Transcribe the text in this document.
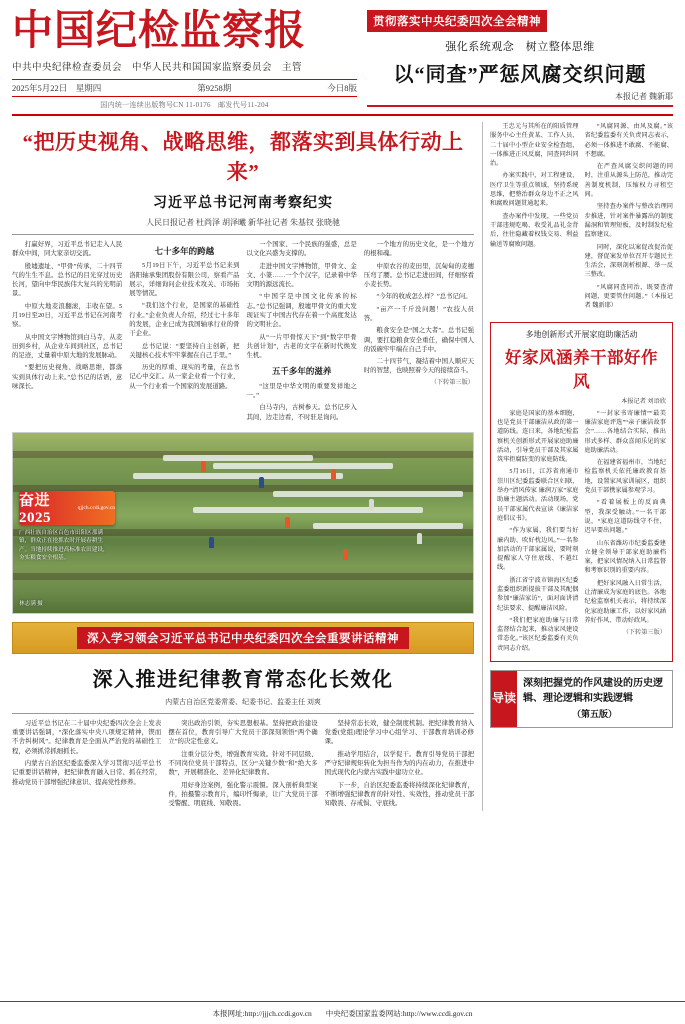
中国纪检监察报
中共中央纪律检查委员会　中华人民共和国国家监察委员会　主管
2025年5月22日　星期四	第9258期	今日8版
国内统一连续出版物号CN 11-0176　邮发代号11-204
贯彻落实中央纪委四次全会精神
强化系统观念　树立整体思维
以“同查”严惩风腐交织问题
本报记者 魏新耶
“把历史视角、战略思维，都落实到具体行动上来”
习近平总书记河南考察纪实
人民日报记者 杜尚泽 胡泽曦 新华社记者 朱基钗 张晓驰

打赢好界，习近平总书记走入人民群众中间，同大家亲切交流。

殷墟遗址、“甲骨”传承，二十四节气的生生不息。总书记的目光穿过历史长河，望向中华民族伟大复兴的光明前景。

中原大地麦浪翻滚，丰收在望。5月19日至20日，习近平总书记在河南考察。

从中国文字博物馆到白马寺，从麦田到乡村，从企业车间到社区，总书记的足迹，丈量着中原大地的发展脉动。

“要把历史视角、战略思维，都落实到具体行动上来。”总书记的话语，意味深长。

七十多年的跨越

5月19日下午，习近平总书记来到洛阳轴承集团股份有限公司，察看产品展示，详细询问企业技术攻关、市场拓展等情况。

“我们这个行业，是国家的基础性行业。”企业负责人介绍，经过七十多年的发展，企业已成为我国轴承行业的骨干企业。

总书记说：“要坚持自主创新，把关键核心技术牢牢掌握在自己手里。”

历史的厚重、现实的考量，在总书记心中交汇。从一家企业看一个行业，从一个行业看一个国家的发展道路。

一个国家、一个民族的强盛，总是以文化兴盛为支撑的。

走进中国文字博物馆，甲骨文、金文、小篆……一个个汉字，记录着中华文明的源远流长。

“中国字是中国文化传承的标志。”总书记强调，殷墟甲骨文的重大发现证实了中国古代存在着一个高度发达的文明社会。

从“一片甲骨惊天下”到“数字甲骨共创计划”，古老的文字在新时代焕发生机。

五千多年的滋养

“这里是中华文明的重要发祥地之一。”

白马寺内，古树参天。总书记步入其间，边走边看，不时驻足询问。

一个地方的历史文化，是一个地方的根和魂。

中原农谷的麦田里，沉甸甸的麦穗压弯了腰。总书记走进田间，仔细察看小麦长势。

“今年的收成怎么样？”总书记问。

“亩产一千斤没问题！”农技人员答。

粮食安全是“国之大者”。总书记强调，要扛稳粮食安全重任，确保中国人的饭碗牢牢端在自己手中。

二十四节气，凝结着中国人顺应天时的智慧，也映照着今天的接续奋斗。

（下转第三版）
奋进2025
qjjch.ccdi.gov.cn
广西壮族自治区百色市田阳区那满镇，群众正在抢抓农时开展春耕生产。当地持续推进高标准农田建设，夯实粮食安全根基。
林志满 摄
深入学习领会习近平总书记中央纪委四次全会重要讲话精神
深入推进纪律教育常态化长效化
内蒙古自治区党委常委、纪委书记、监委主任 刘爽

习近平总书记在二十届中央纪委四次全会上发表重要讲话强调，“深化落实中央八项规定精神，锲而不舍纠树风”。纪律教育是全面从严治党的基础性工程，必须抓常抓细抓长。

内蒙古自治区纪委监委深入学习贯彻习近平总书记重要讲话精神，把纪律教育融入日常、抓在经常，推动党员干部增强纪律意识、提高党性修养。

突出政治引领，夯实思想根基。坚持把政治建设摆在首位，教育引导广大党员干部深刻领悟“两个确立”的决定性意义。

注重分层分类，增强教育实效。针对不同层级、不同岗位党员干部特点，区分“关键少数”和“绝大多数”，开展精准化、差异化纪律教育。

用好身边案例，强化警示震慑。深入剖析典型案件，拍摄警示教育片，编印忏悔录，让广大党员干部受警醒、明底线、知敬畏。

坚持常态长效，健全制度机制。把纪律教育纳入党委(党组)理论学习中心组学习、干部教育培训必修课。

推动学用结合，以学促干。教育引导党员干部把严守纪律规矩转化为担当作为的内在动力，在推进中国式现代化内蒙古实践中建功立业。

下一步，自治区纪委监委将持续深化纪律教育，不断增强纪律教育的针对性、实效性，推动党员干部知敬畏、存戒惧、守底线。

王忠元与其所在的阳质管理服务中心主任黄某、工作人员、二十届中小型企业安全检查组，一体推进正风反腐，同查同纠同治。

办案实践中，对工程建设、医疗卫生等重点领域，坚持系统思维，把整治群众身边不正之风和腐败问题贯通起来。

查办案件中发现，一些党员干部违规吃喝、收受礼品礼金背后，往往隐藏着权钱交易、利益输送等腐败问题。

“风腐同源、由风及腐。”该省纪委监委有关负责同志表示，必须一体推进不敢腐、不能腐、不想腐。

在严查风腐交织问题的同时，注重从源头上防范，推动完善制度机制，压缩权力寻租空间。

坚持查办案件与整改治理同步推进，针对案件暴露出的制度漏洞和管理短板，及时制发纪检监察建议。

同时，深化以案促改促治促建，督促案发单位召开专题民主生活会，深刻剖析根源、举一反三整改。

“风腐同查同治，既要查清问题，更要管住问题。”（本报记者 魏新耶）

多地创新形式开展家庭助廉活动
好家风涵养干部好作风
本报记者 刘语欣

家庭是国家的基本细胞，也是党员干部廉洁从政的第一道防线。连日来，各地纪检监察机关创新形式开展家庭助廉活动，引导党员干部及其家属筑牢拒腐防变的家庭防线。

5月16日，江苏省南通市崇川区纪委监委联合区妇联，举办“清风传家 廉润万家”家庭助廉主题活动。活动现场，党员干部家属代表宣读《廉洁家庭倡议书》。

“作为家属，我们要当好廉内助、吹好枕边风。”一名参加活动的干部家属说，要时刻提醒家人守住底线、不越红线。

浙江省宁波市镇海区纪委监委组织新提拔干部及其配偶参加“廉洁家访”，面对面讲清纪法要求、提醒廉洁风险。

“我们把家庭助廉与日常监督结合起来，推动家风建设常态化。”该区纪委监委有关负责同志介绍。

“一封家书寄廉情”“最美廉洁家庭评选”“亲子廉洁故事会”……各地结合实际，推出形式多样、群众喜闻乐见的家庭助廉活动。

在福建省福州市，当地纪检监察机关依托廉政教育基地，设置家风家训展区，组织党员干部携家属参观学习。

“看着展板上的反面典型，我深受触动。”一名干部说，“家庭这道防线守不住，迟早要出问题。”

山东省潍坊市纪委监委建立健全领导干部家庭助廉档案，把家风情况纳入日常监督和考察识别的重要内容。

把好家风融入日常生活，让清廉成为家庭的底色。各地纪检监察机关表示，将持续深化家庭助廉工作，以好家风涵养好作风、带动好政风。

（下转第三版）
导读
深刻把握党的作风建设的历史逻辑、理论逻辑和实践逻辑
（第五版）
本报网址:http://jjjch.ccdi.gov.cn 中央纪委国家监委网站:http://www.ccdi.gov.cn
